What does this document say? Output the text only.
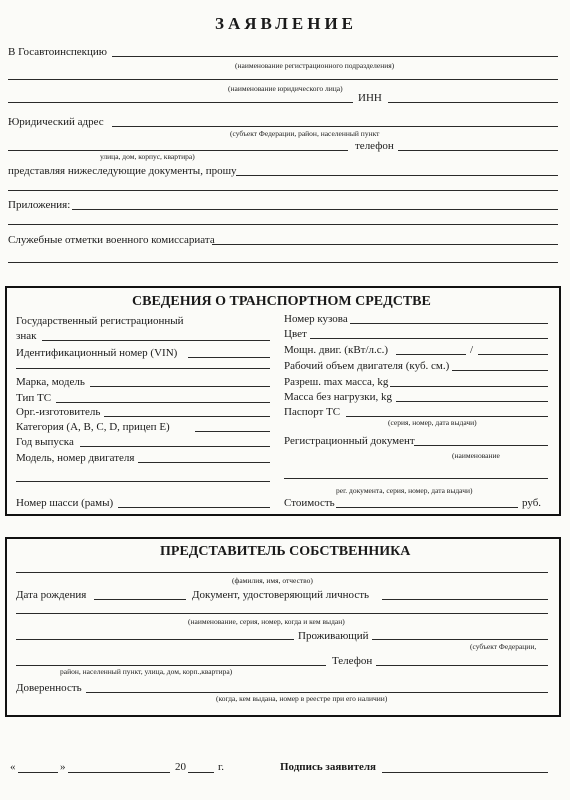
ЗАЯВЛЕНИЕ
В Госавтоинспекцию
(наименование регистрационного подразделения)
(наименование юридического лица)
ИНН
Юридический адрес
(субъект Федерации, район, населенный пункт
телефон
улица, дом, корпус, квартира)
представляя нижеследующие документы, прошу
Приложения:
Служебные отметки военного комиссариата
СВЕДЕНИЯ О ТРАНСПОРТНОМ СРЕДСТВЕ
Государственный регистрационный
знак
Идентификационный номер (VIN)
Марка, модель
Тип ТС
Орг.-изготовитель
Категория (A, B, C, D, прицеп E)
Год выпуска
Модель, номер двигателя
Номер шасси (рамы)
Номер кузова
Цвет
Мощн. двиг. (кВт/л.с.)	/
Рабочий объем двигателя (куб. см.)
Разреш. max масса, kg
Масса без нагрузки, kg
Паспорт ТС
(серия, номер, дата выдачи)
Регистрационный документ
(наименование
рег. документа, серия, номер, дата выдачи)
Стоимость	руб.
ПРЕДСТАВИТЕЛЬ СОБСТВЕННИКА
(фамилия, имя, отчество)
Дата рождения	Документ, удостоверяющий личность
(наименование, серия, номер, когда и кем выдан)
Проживающий
(субъект Федерации,
Телефон
район, населенный пункт, улица, дом, корп.,квартира)
Доверенность
(когда, кем выдана, номер в реестре при его наличии)
«	»	20	г.	Подпись заявителя
